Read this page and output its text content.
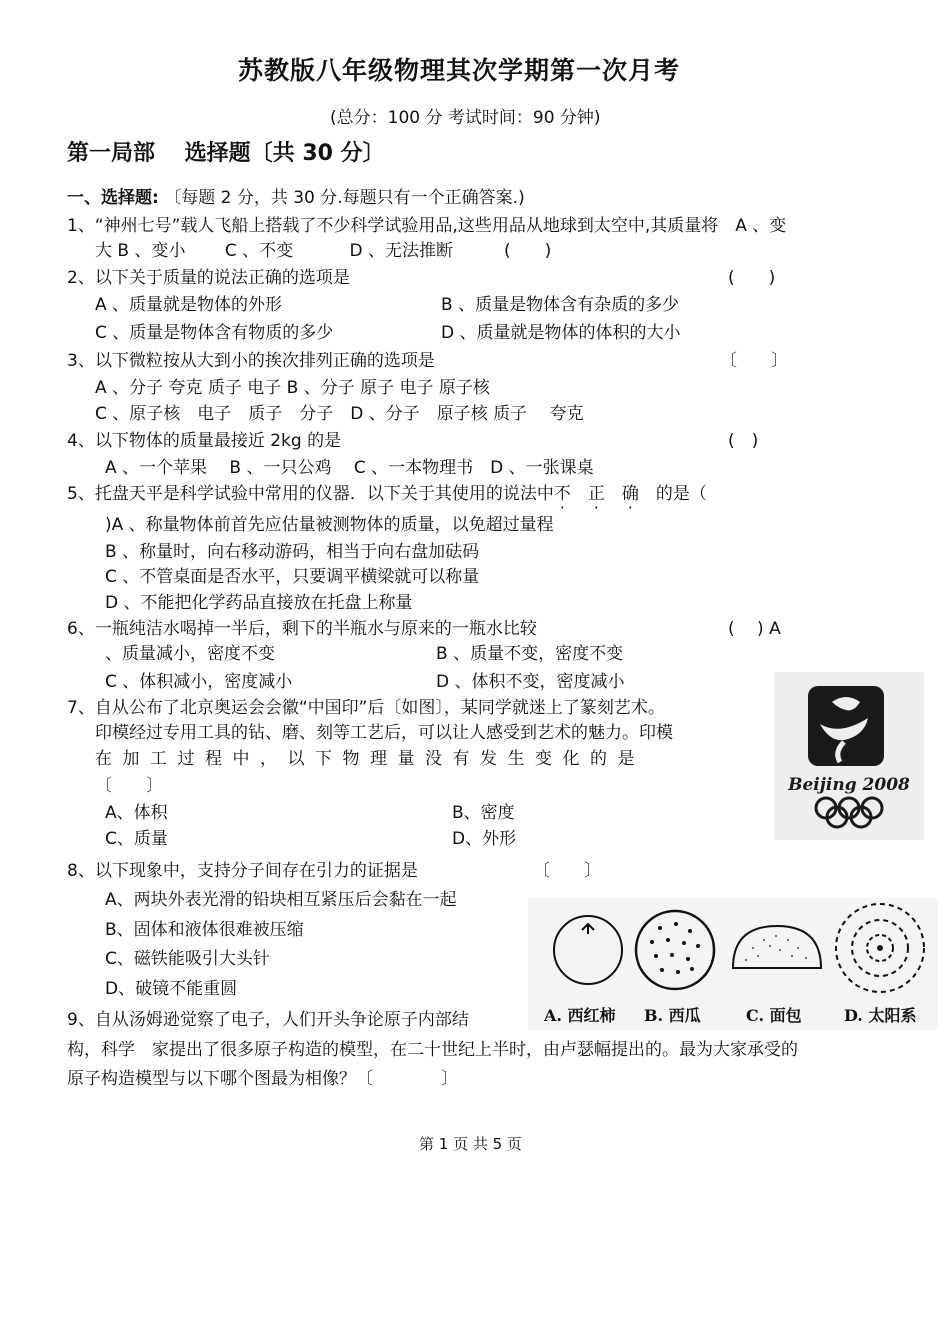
苏教版八年级物理其次学期第一次月考
(总分：100 分 考试时间：90 分钟)
第一局部　 选择题〔共 30 分〕
一、选择题: 〔每题 2 分，共 30 分.每题只有一个正确答案.)
1、“神州七号”载人飞船上搭载了不少科学试验用品,这些用品从地球到太空中,其质量将　A 、变
大 B 、变小　　 C 、不变　　　 D 、无法推断　　　(　　)
2、以下关于质量的说法正确的选项是	(　　)
A 、质量就是物体的外形	B 、质量是物体含有杂质的多少
C 、质量是物体含有物质的多少	D 、质量就是物体的体积的大小
3、以下微粒按从大到小的挨次排列正确的选项是	〔　　〕
A 、分子 夸克 质子 电子 B 、分子 原子 电子 原子核
C 、原子核　电子　质子　分子　D 、分子　原子核 质子　 夸克
4、以下物体的质量最接近 2kg 的是	(　)
A 、一个苹果　 B 、一只公鸡　 C 、一本物理书　D 、一张课桌
5、托盘天平是科学试验中常用的仪器．以下关于其使用的说法中不　 正　 确　 的是（
)A 、称量物体前首先应估量被测物体的质量，以免超过量程
B 、称量时，向右移动游码，相当于向右盘加砝码
C 、不管桌面是否水平，只要调平横梁就可以称量
D 、不能把化学药品直接放在托盘上称量
6、一瓶纯洁水喝掉一半后，剩下的半瓶水与原来的一瓶水比较	(　 ) A
、质量减小，密度不变	B 、质量不变，密度不变
C 、体积减小，密度减小	D 、体积不变，密度减小
7、自从公布了北京奥运会会徽“中国印”后〔如图〕，某同学就迷上了篆刻艺术。
印模经过专用工具的钻、磨、刻等工艺后，可以让人感受到艺术的魅力。印模
在加工过程中，以下物理量没有发生变化的是
〔　　〕
A、体积	B、密度
C、质量	D、外形
Beijing 2008
8、以下现象中，支持分子间存在引力的证据是	〔　　〕
A、两块外表光滑的铅块相互紧压后会黏在一起
B、固体和液体很难被压缩
C、磁铁能吸引大头针
D、破镜不能重圆
A. 西红柿 B. 西瓜	C. 面包	D. 太阳系
9、自从汤姆逊觉察了电子，人们开头争论原子内部结
构，科学　家提出了很多原子构造的模型，在二十世纪上半时，由卢瑟幅提出的。最为大家承受的
原子构造模型与以下哪个图最为相像？〔　　　　〕
第 1 页 共 5 页
